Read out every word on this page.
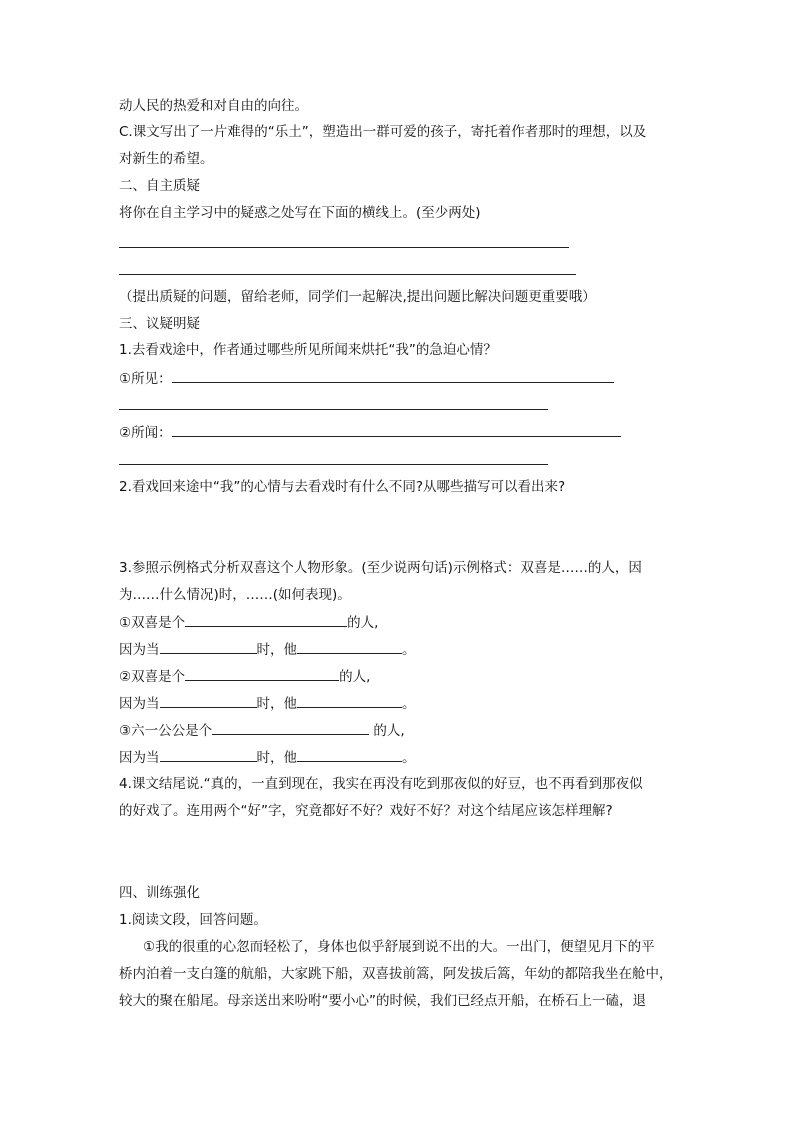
动人民的热爱和对自由的向往。
C.课文写出了一片难得的“乐土”，塑造出一群可爱的孩子，寄托着作者那时的理想，以及
对新生的希望。
二、自主质疑
将你在自主学习中的疑惑之处写在下面的横线上。(至少两处)
（提出质疑的问题，留给老师，同学们一起解决,提出问题比解决问题更重要哦）
三、议疑明疑
1.去看戏途中，作者通过哪些所见所闻来烘托“我”的急迫心情？
①所见：
②所闻：
2.看戏回来途中“我”的心情与去看戏时有什么不同?从哪些描写可以看出来?
3.参照示例格式分析双喜这个人物形象。(至少说两句话)示例格式：双喜是……的人，因
为……什么情况)时，……(如何表现)。
①双喜是个	的人,
因为当	时，他	。
②双喜是个	的人,
因为当	时，他	。
③六一公公是个	的人,
因为当	时，他	。
4.课文结尾说.“真的，一直到现在，我实在再没有吃到那夜似的好豆，也不再看到那夜似
的好戏了。连用两个“好”字，究竟都好不好？戏好不好？对这个结尾应该怎样理解?
四、训练强化
1.阅读文段，回答问题。
①我的很重的心忽而轻松了，身体也似乎舒展到说不出的大。一出门，便望见月下的平
桥内泊着一支白篷的航船，大家跳下船，双喜拔前篙，阿发拔后篙，年幼的都陪我坐在舱中，
较大的聚在船尾。母亲送出来吩咐“要小心”的时候，我们已经点开船，在桥石上一磕，退
